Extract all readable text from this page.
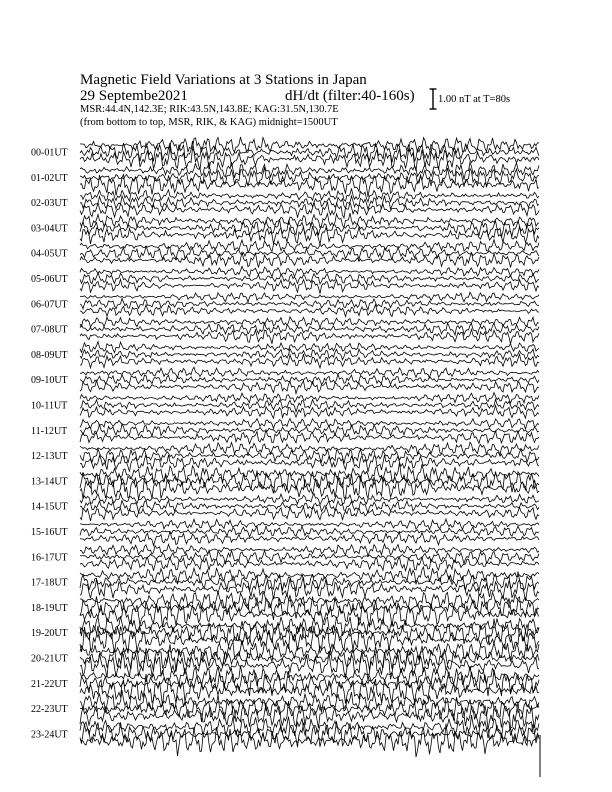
Magnetic Field Variations at 3 Stations in Japan
29 Septembe2021	dH/dt (filter:40-160s)
MSR:44.4N,142.3E; RIK:43.5N,143.8E; KAG:31.5N,130.7E
(from bottom to top, MSR, RIK, & KAG) midnight=1500UT
1.00 nT at T=80s
00-01UT
01-02UT
02-03UT
03-04UT
04-05UT
05-06UT
06-07UT
07-08UT
08-09UT
09-10UT
10-11UT
11-12UT
12-13UT
13-14UT
14-15UT
15-16UT
16-17UT
17-18UT
18-19UT
19-20UT
20-21UT
21-22UT
22-23UT
23-24UT
